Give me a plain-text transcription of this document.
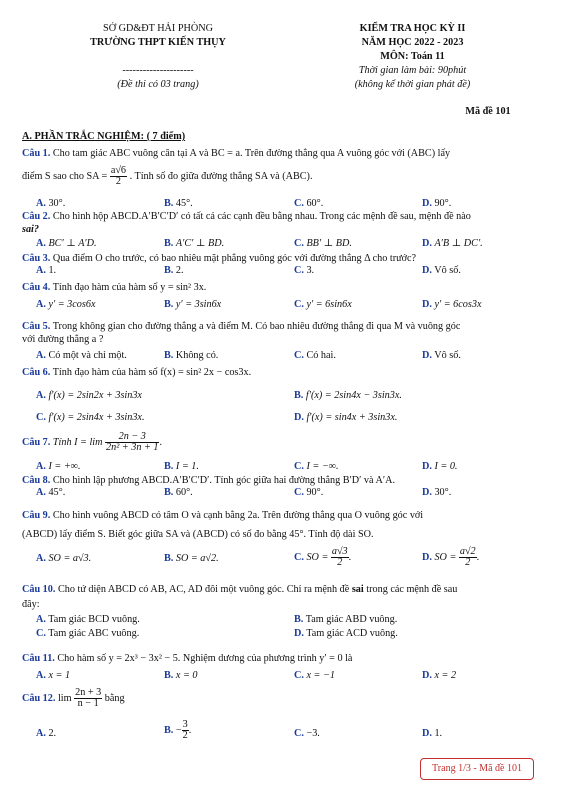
SỞ GD&ĐT HẢI PHÒNG
TRƯỜNG THPT KIẾN THỤY
---------------------
(Đề thi có 03 trang)
KIỂM TRA HỌC KỲ II
NĂM HỌC 2022 - 2023
MÔN: Toán 11
Thời gian làm bài: 90phút
(không kể thời gian phát đề)
Mã đề 101
A. PHẦN TRẮC NGHIỆM: ( 7 điểm)
Câu 1. Cho tam giác ABC vuông cân tại A và BC = a. Trên đường thẳng qua A vuông góc với (ABC) lấy
điểm S sao cho SA = $\frac{a√6}{2}$ . Tính số đo giữa đường thẳng SA và (ABC).
A. 30°.	B. 45°.	C. 60°.	D. 90°.
Câu 2. Cho hình hộp ABCD.A′B′C′D′ có tất cả các cạnh đều bằng nhau. Trong các mệnh đề sau, mệnh đề nào
sai?
A. BC′ ⊥ A′D.	B. A′C′ ⊥ BD.	C. BB′ ⊥ BD.	D. A′B ⊥ DC′.
Câu 3. Qua điểm O cho trước, có bao nhiêu mặt phẳng vuông góc với đường thẳng Δ cho trước?
A. 1.	B. 2.	C. 3.	D. Vô số.
Câu 4. Tính đạo hàm của hàm số y = sin² 3x.
A. y′ = 3cos6x	B. y′ = 3sin6x	C. y′ = 6sin6x	D. y′ = 6cos3x
Câu 5. Trong không gian cho đường thẳng a và điểm M. Có bao nhiêu đường thẳng đi qua M và vuông góc
với đường thẳng a ?
A. Có một và chỉ một.	B. Không có.	C. Có hai.	D. Vô số.
Câu 6. Tính đạo hàm của hàm số f(x) = sin² 2x − cos3x.
A. f′(x) = 2sin2x + 3sin3x	B. f′(x) = 2sin4x − 3sin3x.
C. f′(x) = 2sin4x + 3sin3x.	D. f′(x) = sin4x + 3sin3x.
Câu 7. Tính $I = \lim \frac{2n - 3}{\text{2n² + 3n + 1}}$ .
A. I = +∞.	B. I = 1.	C. I = −∞.	D. I = 0.
Câu 8. Cho hình lập phương ABCD.A′B′C′D′. Tính góc giữa hai đường thẳng B′D′ và A′A.
A. 45°.	B. 60°.	C. 90°.	D. 30°.
Câu 9. Cho hình vuông ABCD có tâm O và cạnh bằng 2a. Trên đường thẳng qua O vuông góc với
(ABCD) lấy điểm S. Biết góc giữa SA và (ABCD) có số đo bằng 45°. Tính độ dài SO.
A. SO = a√3.	B. SO = a√2.	C. SO = $\frac{a√3}{2}$ .	D. SO = $\frac{a√2}{2}$ .
Câu 10. Cho tứ diện ABCD có AB, AC, AD đôi một vuông góc. Chỉ ra mệnh đề sai trong các mệnh đề sau
đây:
A. Tam giác BCD vuông.	B. Tam giác ABD vuông.
C. Tam giác ABC vuông.	D. Tam giác ACD vuông.
Câu 11. Cho hàm số y = 2x³ − 3x² − 5. Nghiệm dương của phương trình y′ = 0 là
A. x = 1	B. x = 0	C. x = −1	D. x = 2
Câu 12. $\lim \frac{2n + 3}{n - 1}$ bằng
A. 2.	B. − $\frac{3}{2}$ .	C. −3.	D. 1.
Trang 1/3 - Mã đề 101
